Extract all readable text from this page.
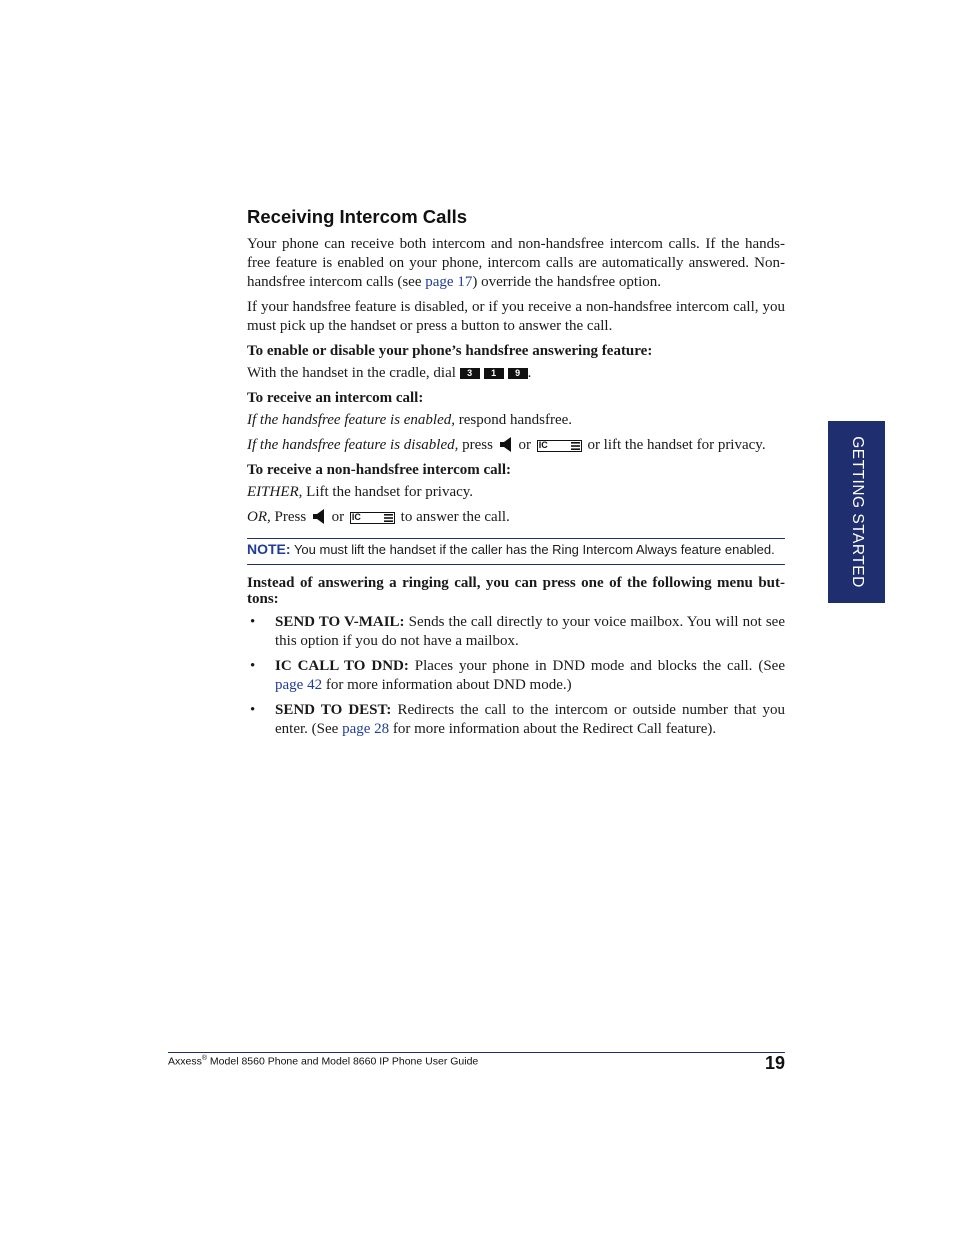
Receiving Intercom Calls

Your phone can receive both intercom and non-handsfree intercom calls. If the hands-free feature is enabled on your phone, intercom calls are automatically answered. Non-handsfree intercom calls (see page 17) override the handsfree option.

If your handsfree feature is disabled, or if you receive a non-handsfree intercom call, you must pick up the handset or press a button to answer the call.

To enable or disable your phone’s handsfree answering feature:

With the handset in the cradle, dial 3 1 9 .

To receive an intercom call:

If the handsfree feature is enabled, respond handsfree.

If the handsfree feature is disabled, press  or IC or lift the handset for privacy.

To receive a non-handsfree intercom call:

EITHER, Lift the handset for privacy.

OR, Press  or IC to answer the call.

NOTE: You must lift the handset if the caller has the Ring Intercom Always feature enabled.

Instead of answering a ringing call, you can press one of the following menu but-tons:

• SEND TO V-MAIL: Sends the call directly to your voice mailbox. You will not see this option if you do not have a mailbox.
• IC CALL TO DND: Places your phone in DND mode and blocks the call. (See page 42 for more information about DND mode.)
• SEND TO DEST: Redirects the call to the intercom or outside number that you enter. (See page 28 for more information about the Redirect Call feature).
GETTING STARTED
Axxess® Model 8560 Phone and Model 8660 IP Phone User Guide	19
